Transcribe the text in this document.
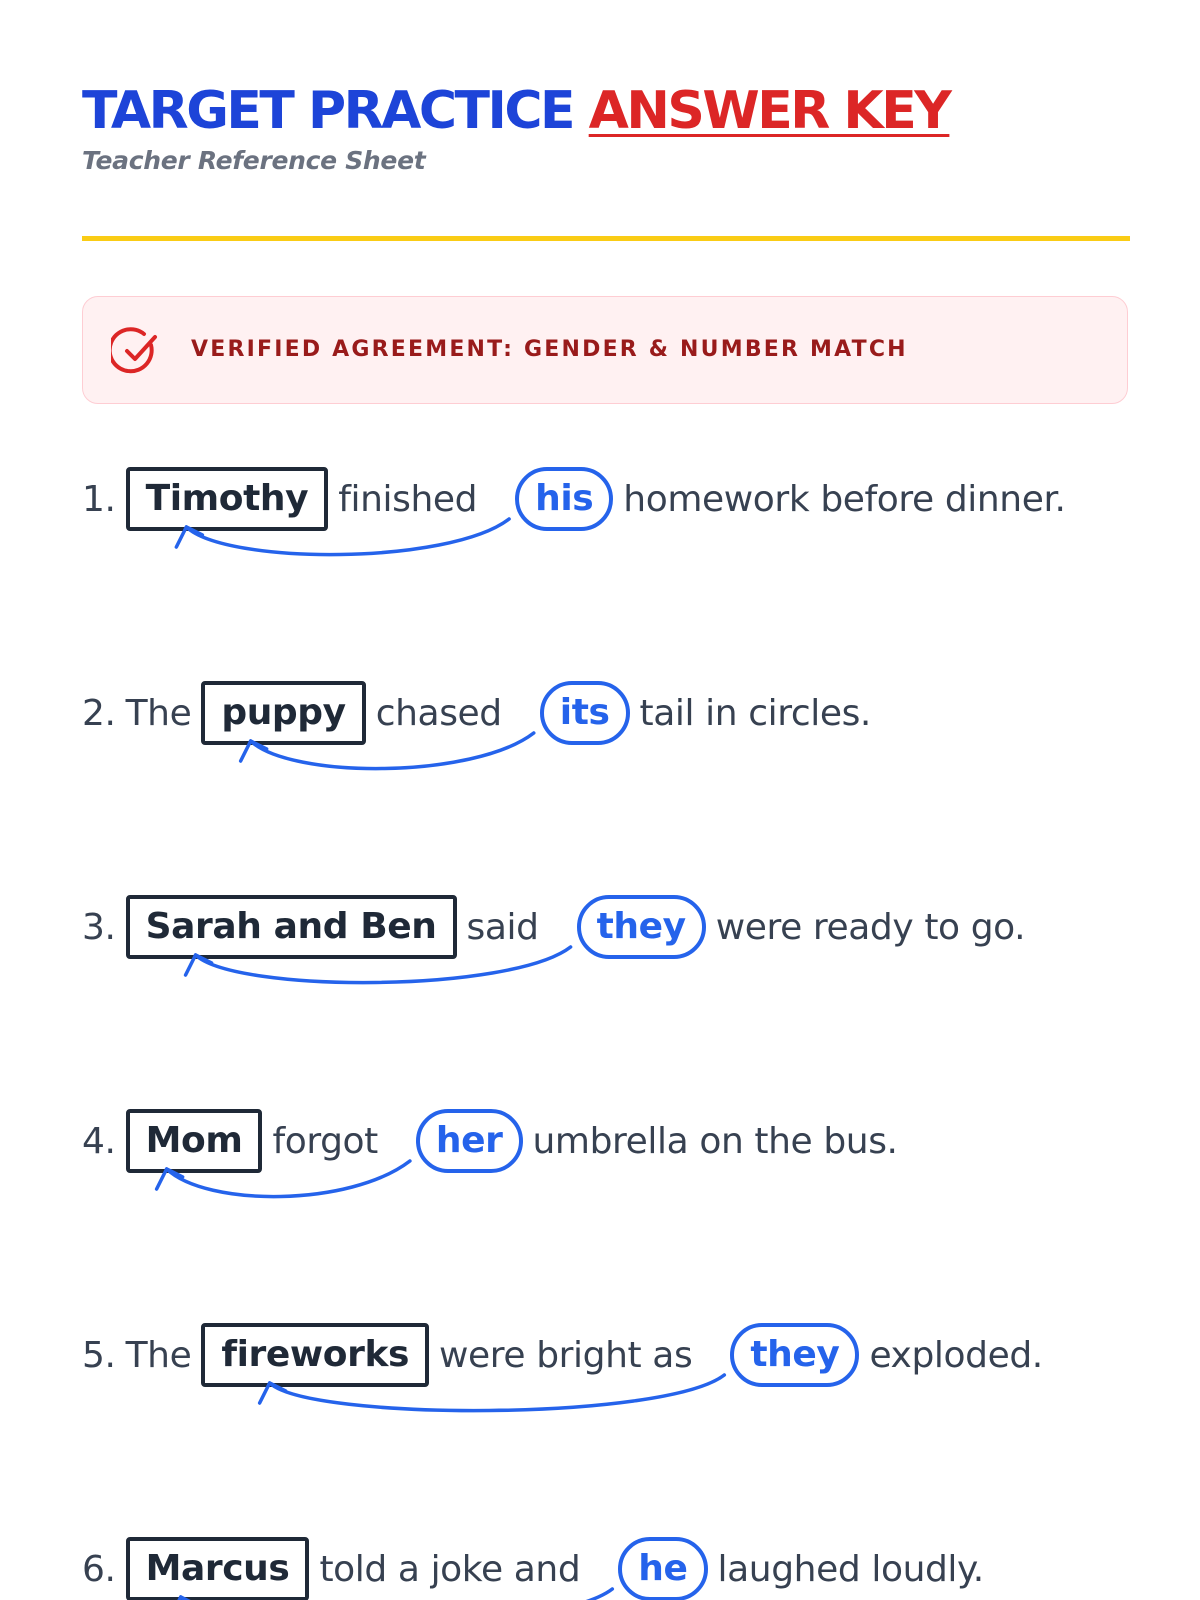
TARGET PRACTICE ANSWER KEY
Teacher Reference Sheet
VERIFIED AGREEMENT: GENDER & NUMBER MATCH
1. Timothy finished	his homework before dinner.
2. The puppy chased	its tail in circles.
3. Sarah and Ben said	they were ready to go.
4. Mom forgot	her umbrella on the bus.
5. The fireworks were bright as	they exploded.
6. Marcus told a joke and	he laughed loudly.
